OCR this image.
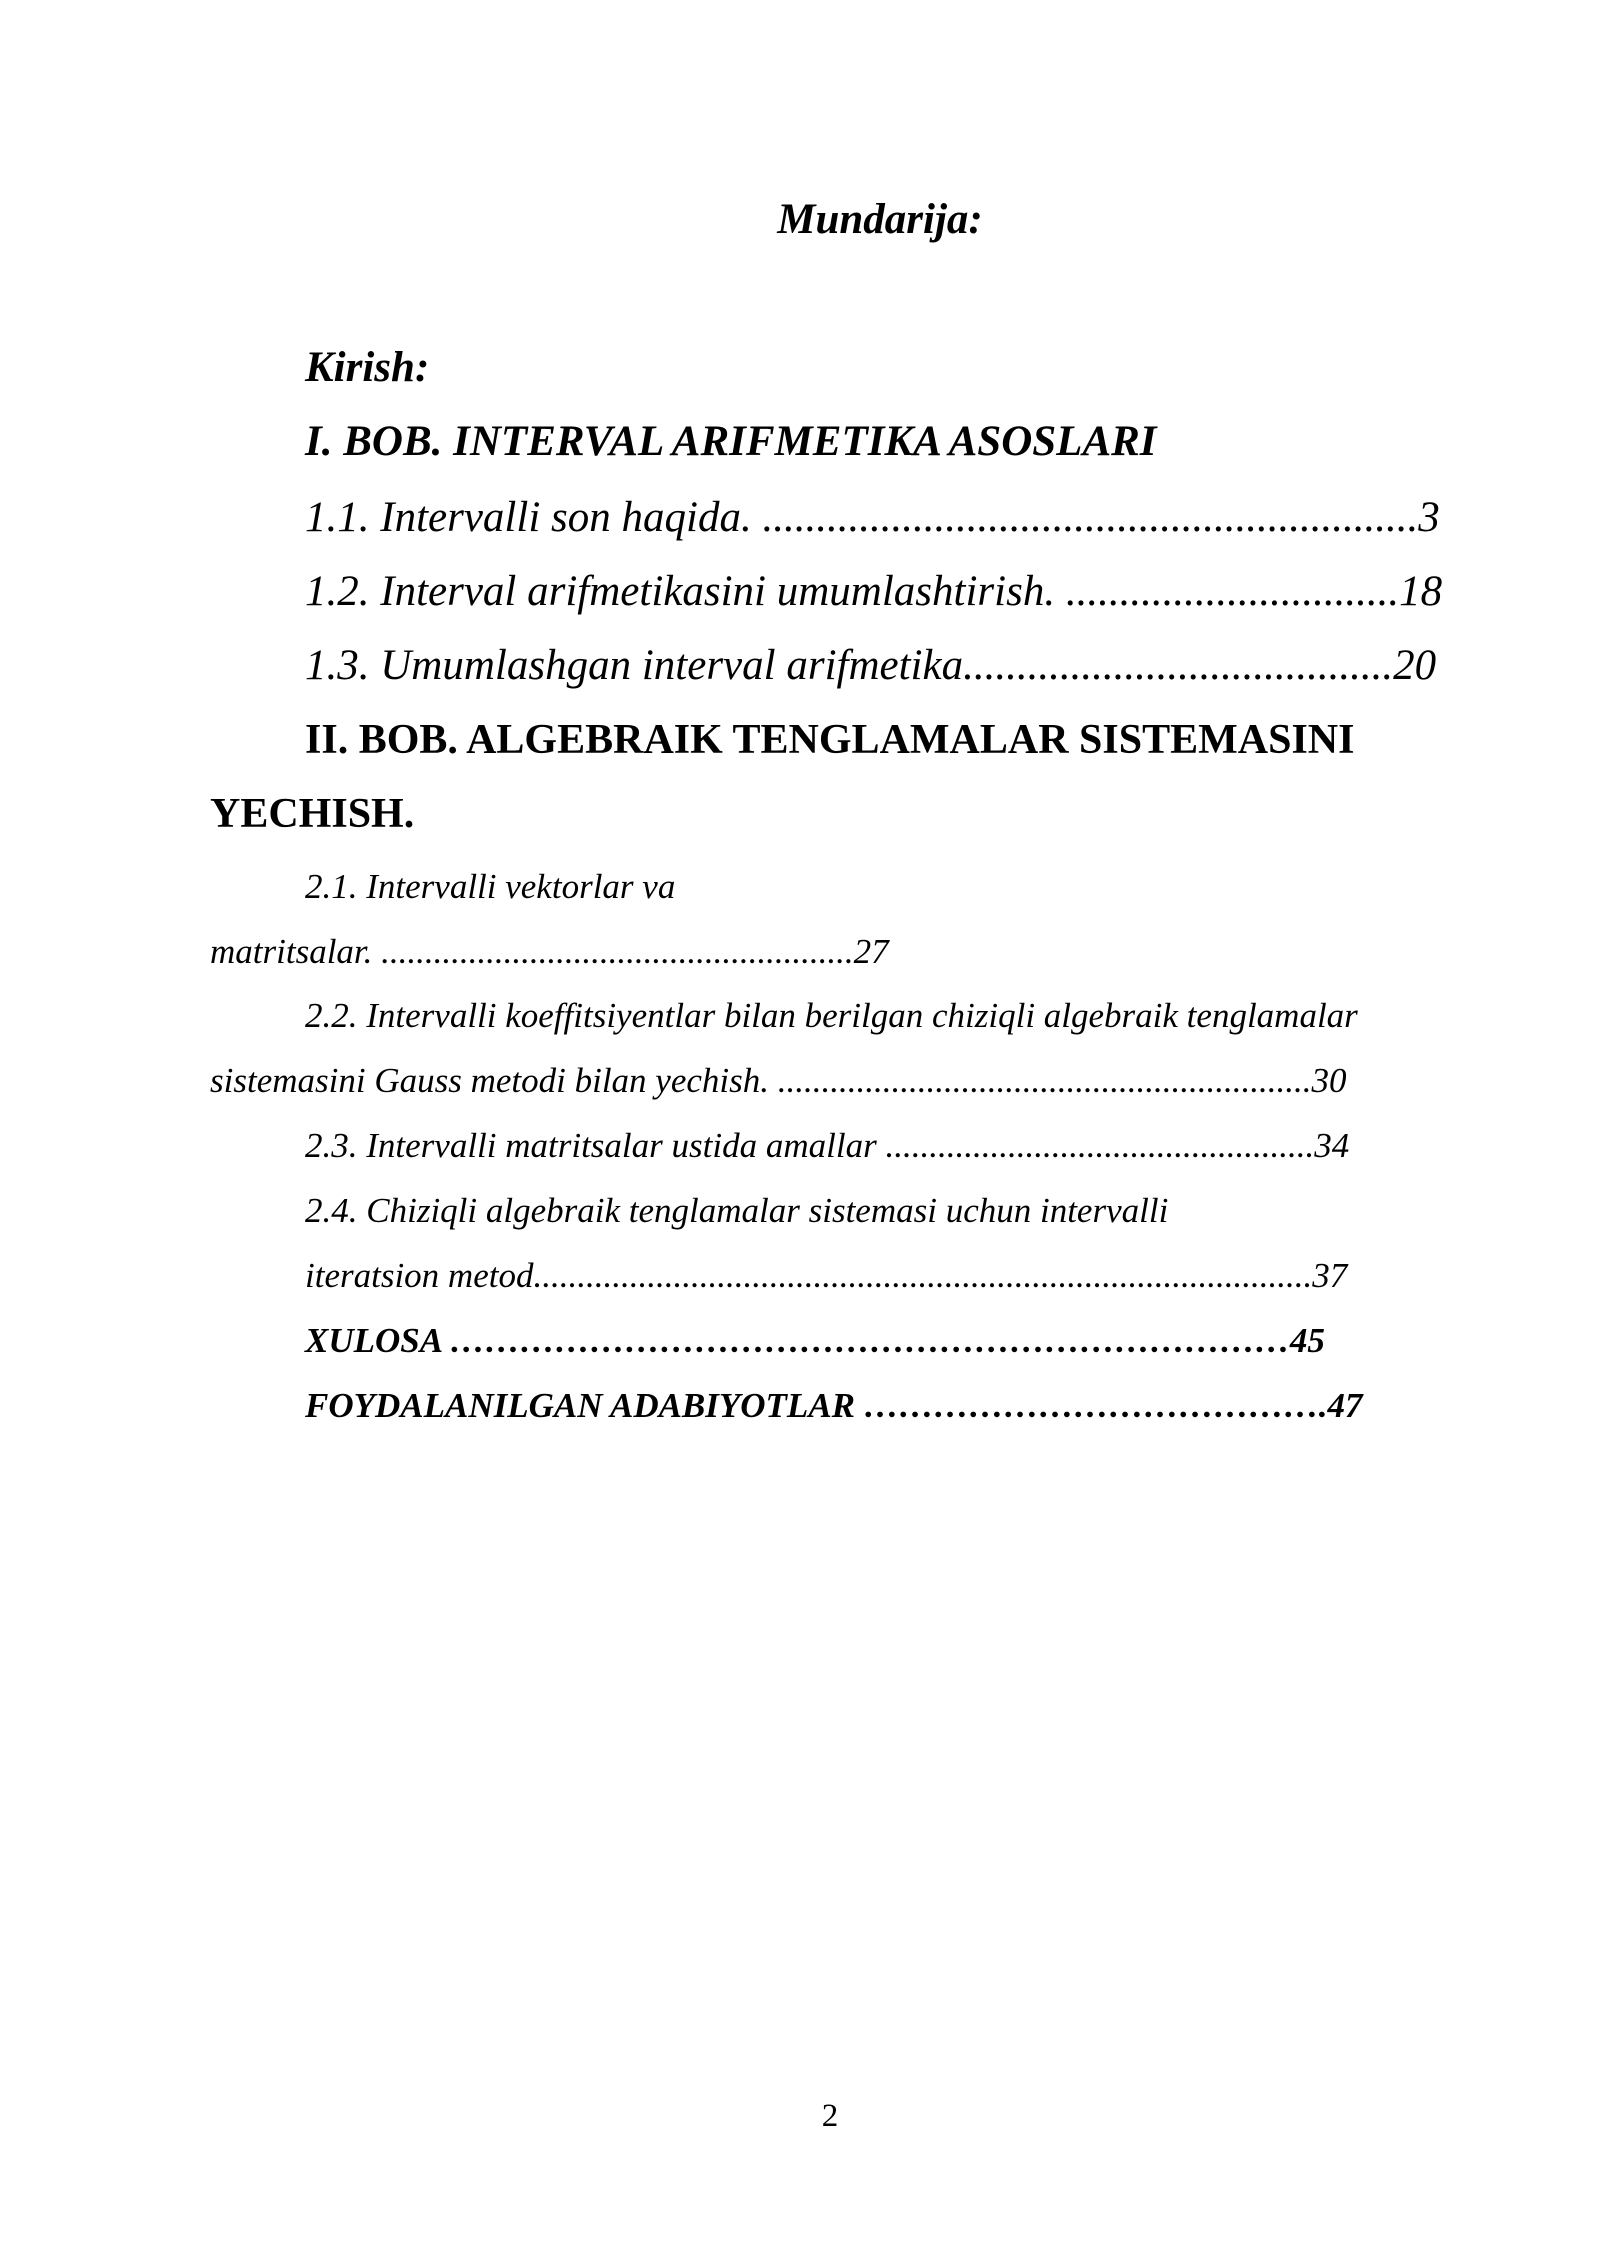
Mundarija:
Kirish:
I. BOB. INTERVAL ARIFMETIKA ASOSLARI
1.1. Intervalli son haqida. .............................................................3
1.2. Interval arifmetikasini umumlashtirish. ...............................18
1.3. Umumlashgan interval arifmetika........................................20
II. BOB. ALGEBRAIK TENGLAMALAR SISTEMASINI
YECHISH.
2.1. Intervalli vektorlar va
matritsalar. ......................................................27
2.2. Intervalli koeffitsiyentlar bilan berilgan chiziqli algebraik tenglamalar
sistemasini Gauss metodi bilan yechish. .............................................................30
2.3. Intervalli matritsalar ustida amallar .................................................34
2.4. Chiziqli algebraik tenglamalar sistemasi uchun intervalli
iteratsion metod.........................................................................................37
XULOSA ………………………………………………………………45
FOYDALANILGAN ADABIYOTLAR ………………………………….47
2
